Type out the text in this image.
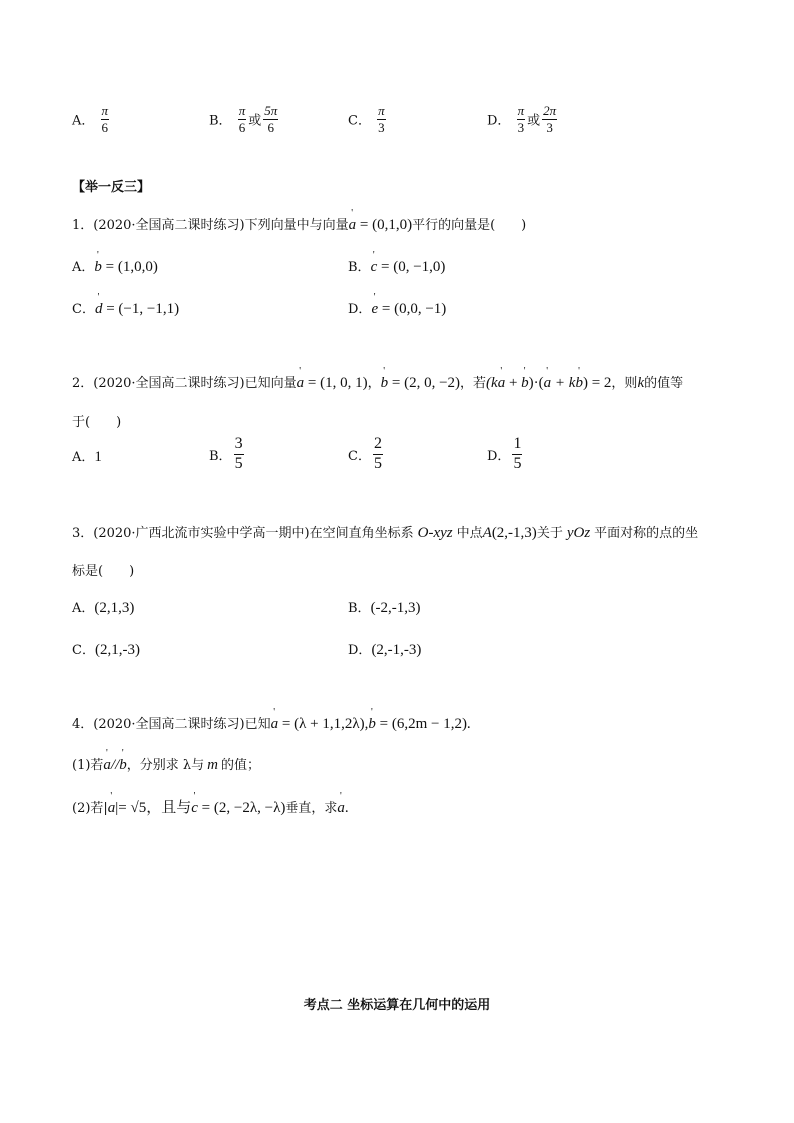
A． $\frac{\pi}{6}$	B． $\frac{\pi}{6}$ 或 $\frac{5\pi}{6}$	C． $\frac{\pi}{3}$	D． $\frac{\pi}{3}$ 或 $\frac{2\pi}{3}$
【举一反三】
1．(2020·全国高二课时练习)下列向量中与向量' a = (0,1,0)平行的向量是(　　)
A．' b = (1,0,0)	B．' c = (0, −1,0)
C．' d = (−1, −1,1)	D．' e = (0,0, −1)
2．(2020·全国高二课时练习)已知向量' a = (1, 0, 1)，' b = (2, 0, −2)，若(k' a + ' b)·(' a + k' b) = 2，则k的值等
于(　　)
A．1	B． $\frac{3}{5}$	C． $\frac{2}{5}$	D． $\frac{1}{5}$
3．(2020·广西北流市实验中学高一期中)在空间直角坐标系 O-xyz 中点A(2,-1,3)关于 yOz 平面对称的点的坐
标是(　　)
A．(2,1,3)	B．(-2,-1,3)
C．(2,1,-3)	D．(2,-1,-3)
4．(2020·全国高二课时练习)已知' a = (λ + 1,1,2λ),' b = (6,2m − 1,2).
(1)若' a//' b，分别求 λ与 m 的值；
(2)若|' a|= √5，且与' c = (2, −2λ, −λ)垂直，求' a.
考点二 坐标运算在几何中的运用
